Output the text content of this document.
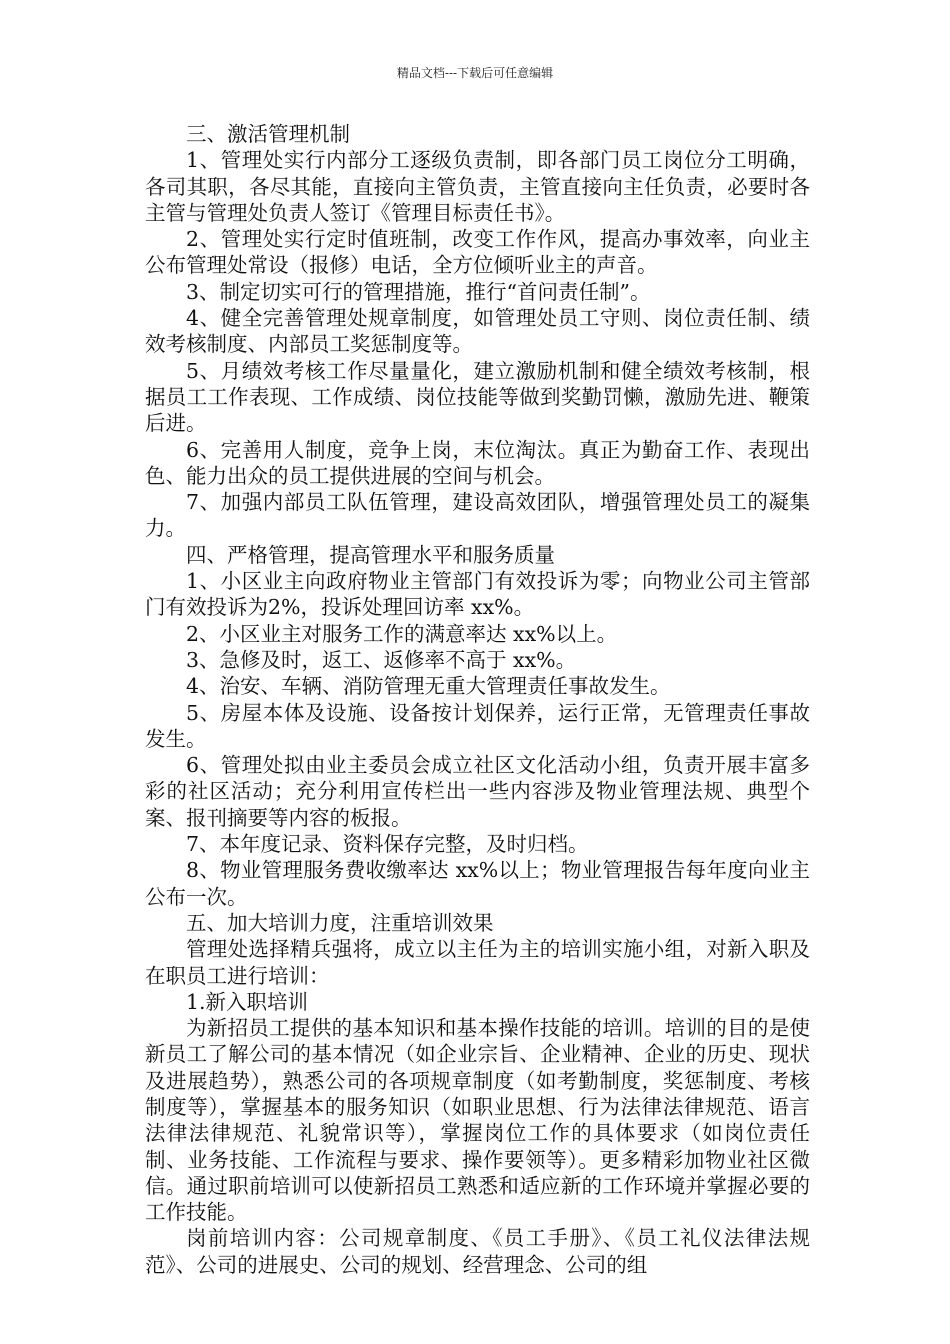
精品文档---下载后可任意编辑

三、激活管理机制

1、管理处实行内部分工逐级负责制，即各部门员工岗位分工明确，各司其职，各尽其能，直接向主管负责，主管直接向主任负责，必要时各主管与管理处负责人签订《管理目标责任书》。

2、管理处实行定时值班制，改变工作作风，提高办事效率，向业主公布管理处常设（报修）电话，全方位倾听业主的声音。

3、制定切实可行的管理措施，推行“首问责任制”。

4、健全完善管理处规章制度，如管理处员工守则、岗位责任制、绩效考核制度、内部员工奖惩制度等。

5、月绩效考核工作尽量量化，建立激励机制和健全绩效考核制，根据员工工作表现、工作成绩、岗位技能等做到奖勤罚懒，激励先进、鞭策后进。

6、完善用人制度，竞争上岗，末位淘汰。真正为勤奋工作、表现出色、能力出众的员工提供进展的空间与机会。

7、加强内部员工队伍管理，建设高效团队，增强管理处员工的凝集力。

四、严格管理，提高管理水平和服务质量

1、小区业主向政府物业主管部门有效投诉为零；向物业公司主管部门有效投诉为2%，投诉处理回访率 xx%。

2、小区业主对服务工作的满意率达 xx%以上。

3、急修及时，返工、返修率不高于 xx%。

4、治安、车辆、消防管理无重大管理责任事故发生。

5、房屋本体及设施、设备按计划保养，运行正常，无管理责任事故发生。

6、管理处拟由业主委员会成立社区文化活动小组，负责开展丰富多彩的社区活动；充分利用宣传栏出一些内容涉及物业管理法规、典型个案、报刊摘要等内容的板报。

7、本年度记录、资料保存完整，及时归档。

8、物业管理服务费收缴率达 xx%以上；物业管理报告每年度向业主公布一次。

五、加大培训力度，注重培训效果

管理处选择精兵强将，成立以主任为主的培训实施小组，对新入职及在职员工进行培训：

1.新入职培训

为新招员工提供的基本知识和基本操作技能的培训。培训的目的是使新员工了解公司的基本情况（如企业宗旨、企业精神、企业的历史、现状及进展趋势），熟悉公司的各项规章制度（如考勤制度，奖惩制度、考核制度等），掌握基本的服务知识（如职业思想、行为法律法律规范、语言法律法律规范、礼貌常识等），掌握岗位工作的具体要求（如岗位责任制、业务技能、工作流程与要求、操作要领等）。更多精彩加物业社区微信。通过职前培训可以使新招员工熟悉和适应新的工作环境并掌握必要的工作技能。

岗前培训内容：公司规章制度、《员工手册》、《员工礼仪法律法规范》、公司的进展史、公司的规划、经营理念、公司的组
